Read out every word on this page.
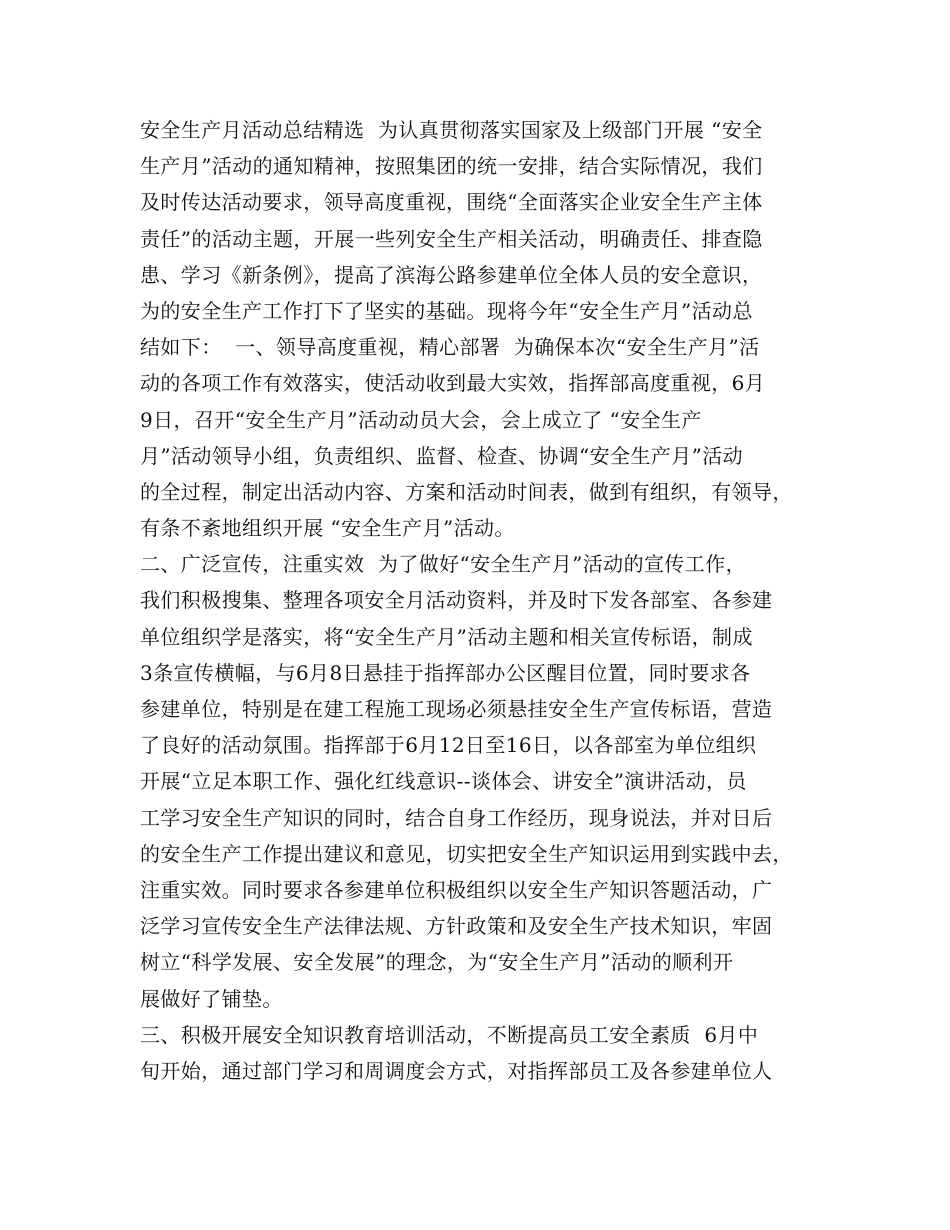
安全生产月活动总结精选  为认真贯彻落实国家及上级部门开展 “安全
生产月”活动的通知精神，按照集团的统一安排，结合实际情况，我们
及时传达活动要求，领导高度重视，围绕“全面落实企业安全生产主体
责任”的活动主题，开展一些列安全生产相关活动，明确责任、排查隐
患、学习《新条例》，提高了滨海公路参建单位全体人员的安全意识，
为的安全生产工作打下了坚实的基础。现将今年“安全生产月”活动总
结如下：  一、领导高度重视，精心部署  为确保本次“安全生产月”活
动的各项工作有效落实，使活动收到最大实效，指挥部高度重视，6月
9日，召开“安全生产月”活动动员大会，会上成立了 “安全生产
月”活动领导小组，负责组织、监督、检查、协调“安全生产月”活动
的全过程，制定出活动内容、方案和活动时间表，做到有组织，有领导，
有条不紊地组织开展 “安全生产月”活动。
二、广泛宣传，注重实效  为了做好“安全生产月”活动的宣传工作，
我们积极搜集、整理各项安全月活动资料，并及时下发各部室、各参建
单位组织学是落实，将“安全生产月”活动主题和相关宣传标语，制成
3条宣传横幅，与6月8日悬挂于指挥部办公区醒目位置，同时要求各
参建单位，特别是在建工程施工现场必须悬挂安全生产宣传标语，营造
了良好的活动氛围。指挥部于6月12日至16日，以各部室为单位组织
开展“立足本职工作、强化红线意识--谈体会、讲安全”演讲活动，员
工学习安全生产知识的同时，结合自身工作经历，现身说法，并对日后
的安全生产工作提出建议和意见，切实把安全生产知识运用到实践中去，
注重实效。同时要求各参建单位积极组织以安全生产知识答题活动，广
泛学习宣传安全生产法律法规、方针政策和及安全生产技术知识，牢固
树立“科学发展、安全发展”的理念，为“安全生产月”活动的顺利开
展做好了铺垫。
三、积极开展安全知识教育培训活动，不断提高员工安全素质  6月中
旬开始，通过部门学习和周调度会方式，对指挥部员工及各参建单位人
